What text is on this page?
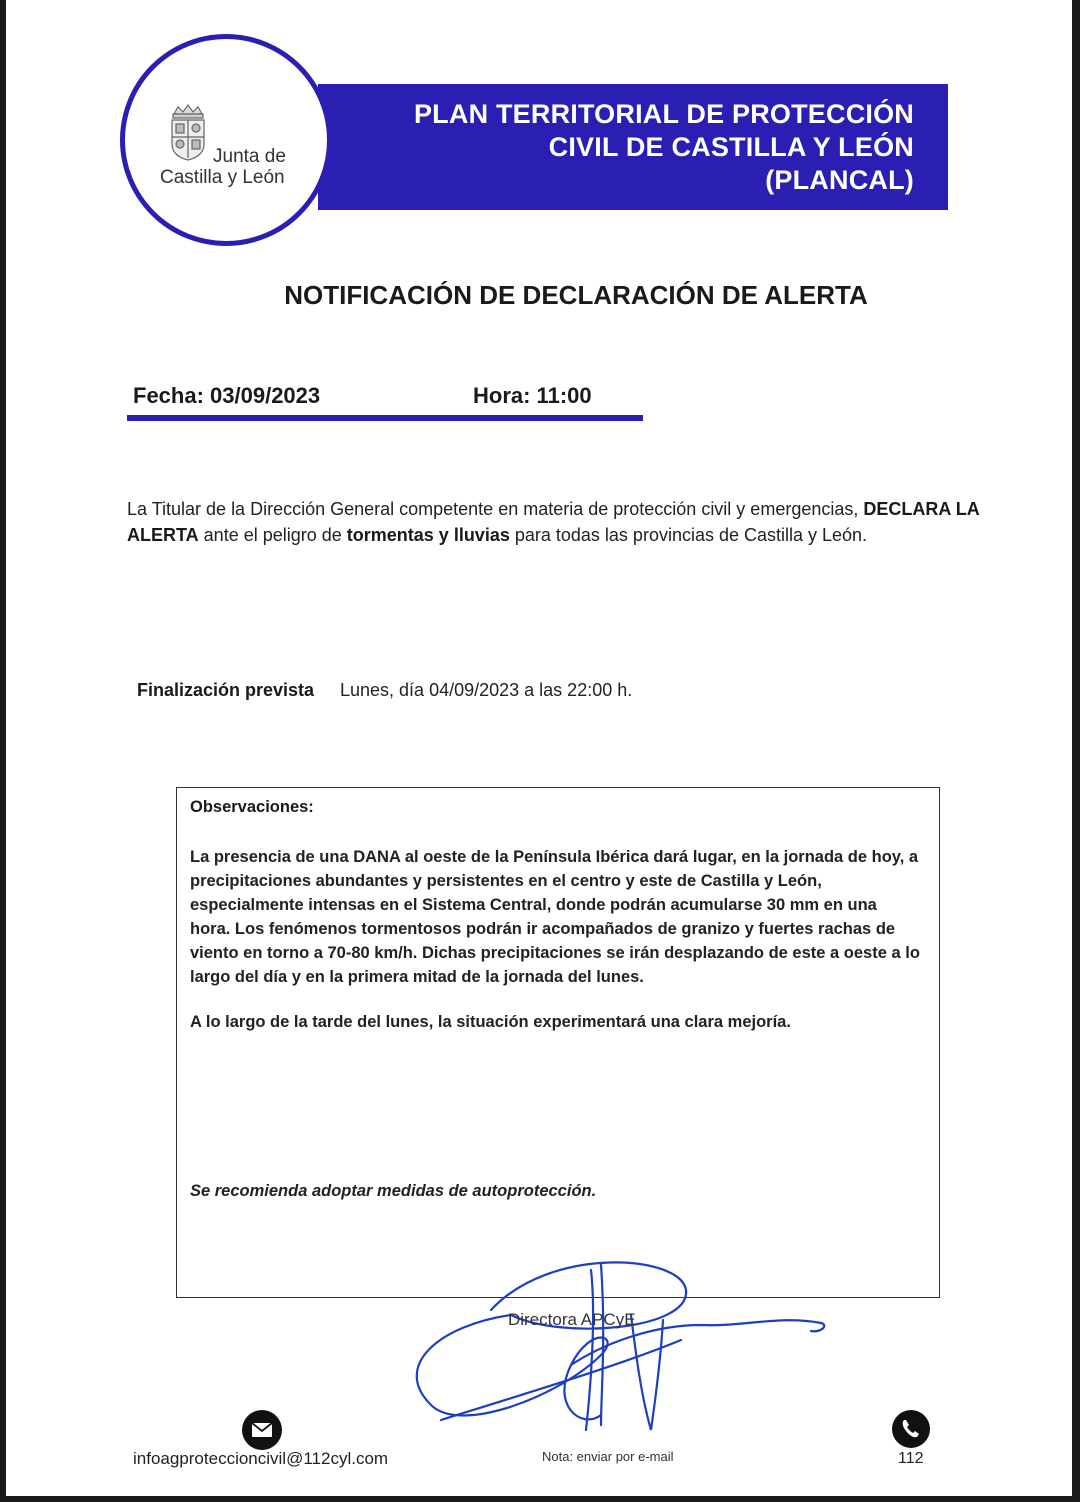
PLAN TERRITORIAL DE PROTECCIÓN
CIVIL DE CASTILLA Y LEÓN
(PLANCAL)
Junta de
Castilla y León
NOTIFICACIÓN DE DECLARACIÓN DE ALERTA
Fecha: 03/09/2023	Hora: 11:00
La Titular de la Dirección General competente en materia de protección civil y emergencias, DECLARA LA ALERTA ante el peligro de tormentas y lluvias para todas las provincias de Castilla y León.
Finalización prevista Lunes, día 04/09/2023 a las 22:00 h.
Observaciones:
La presencia de una DANA al oeste de la Península Ibérica dará lugar, en la jornada de hoy, a precipitaciones abundantes y persistentes en el centro y este de Castilla y León, especialmente intensas en el Sistema Central, donde podrán acumularse 30 mm en una hora. Los fenómenos tormentosos podrán ir acompañados de granizo y fuertes rachas de viento en torno a 70-80 km/h. Dichas precipitaciones se irán desplazando de este a oeste a lo largo del día y en la primera mitad de la jornada del lunes.
A lo largo de la tarde del lunes, la situación experimentará una clara mejoría.
Se recomienda adoptar medidas de autoprotección.
Directora APCyE
infoagproteccioncivil@112cyl.com	Nota: enviar por e-mail	112
